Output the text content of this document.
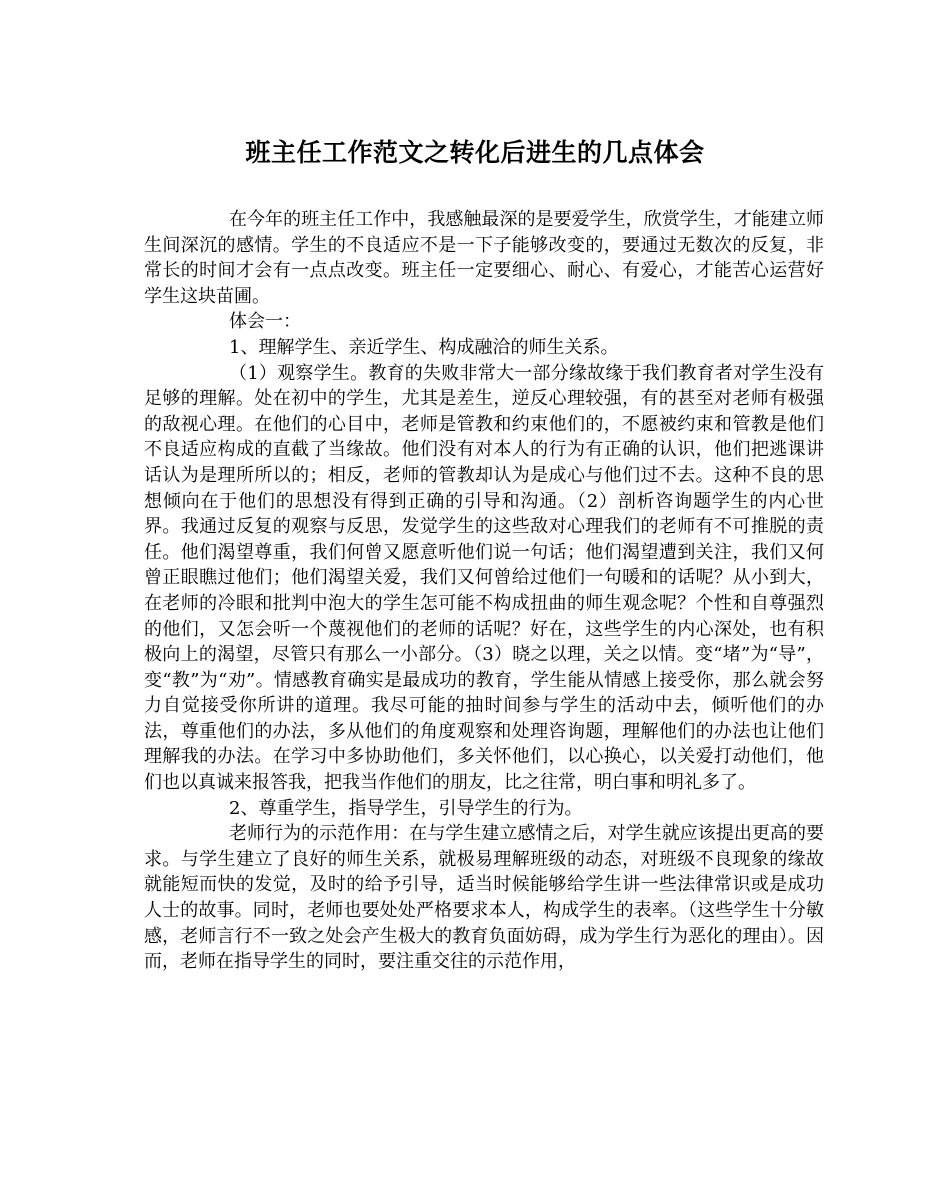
班主任工作范文之转化后进生的几点体会

在今年的班主任工作中，我感触最深的是要爱学生，欣赏学生，才能建立师生间深沉的感情。学生的不良适应不是一下子能够改变的，要通过无数次的反复，非常长的时间才会有一点点改变。班主任一定要细心、耐心、有爱心，才能苦心运营好学生这块苗圃。

体会一：

1、理解学生、亲近学生、构成融洽的师生关系。

（1）观察学生。教育的失败非常大一部分缘故缘于我们教育者对学生没有足够的理解。处在初中的学生，尤其是差生，逆反心理较强，有的甚至对老师有极强的敌视心理。在他们的心目中，老师是管教和约束他们的，不愿被约束和管教是他们不良适应构成的直截了当缘故。他们没有对本人的行为有正确的认识，他们把逃课讲话认为是理所所以的；相反，老师的管教却认为是成心与他们过不去。这种不良的思想倾向在于他们的思想没有得到正确的引导和沟通。（2）剖析咨询题学生的内心世界。我通过反复的观察与反思，发觉学生的这些敌对心理我们的老师有不可推脱的责任。他们渴望尊重，我们何曾又愿意听他们说一句话；他们渴望遭到关注，我们又何曾正眼瞧过他们；他们渴望关爱，我们又何曾给过他们一句暖和的话呢？从小到大，在老师的冷眼和批判中泡大的学生怎可能不构成扭曲的师生观念呢？个性和自尊强烈的他们，又怎会听一个蔑视他们的老师的话呢？好在，这些学生的内心深处，也有积极向上的渴望，尽管只有那么一小部分。（3）晓之以理，关之以情。变“堵”为“导”，变“教”为“劝”。情感教育确实是最成功的教育，学生能从情感上接受你，那么就会努力自觉接受你所讲的道理。我尽可能的抽时间参与学生的活动中去，倾听他们的办法，尊重他们的办法，多从他们的角度观察和处理咨询题，理解他们的办法也让他们理解我的办法。在学习中多协助他们，多关怀他们，以心换心，以关爱打动他们，他们也以真诚来报答我，把我当作他们的朋友，比之往常，明白事和明礼多了。

2、尊重学生，指导学生，引导学生的行为。

老师行为的示范作用：在与学生建立感情之后，对学生就应该提出更高的要求。与学生建立了良好的师生关系，就极易理解班级的动态，对班级不良现象的缘故就能短而快的发觉，及时的给予引导，适当时候能够给学生讲一些法律常识或是成功人士的故事。同时，老师也要处处严格要求本人，构成学生的表率。（这些学生十分敏感，老师言行不一致之处会产生极大的教育负面妨碍，成为学生行为恶化的理由）。因而，老师在指导学生的同时，要注重交往的示范作用，
